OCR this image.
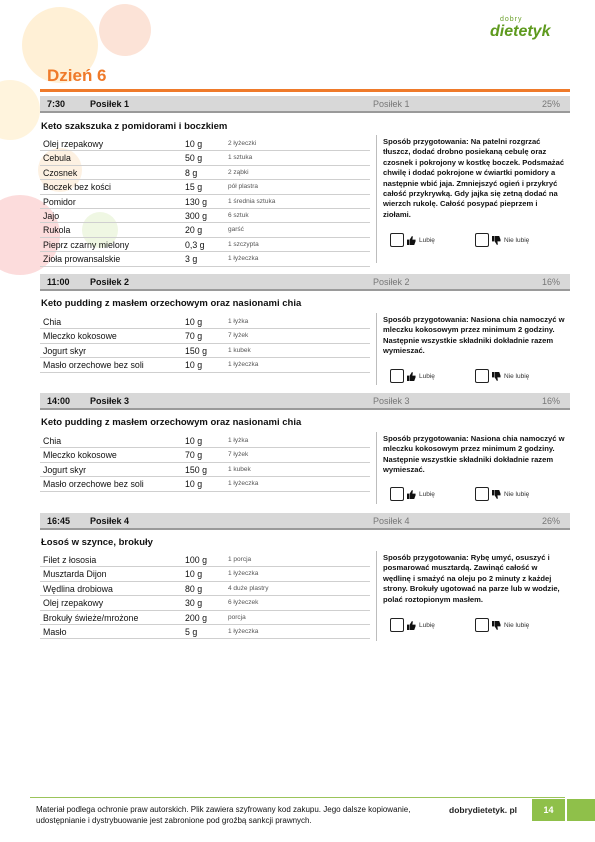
dobry
dietetyk
Dzień 6
7:30	Posiłek 1	Posiłek 1	25%
Keto szakszuka z pomidorami i boczkiem
Olej rzepakowy	10 g	2 łyżeczki
Cebula	50 g	1 sztuka
Czosnek	8 g	2 ząbki
Boczek bez kości	15 g	pół plastra
Pomidor	130 g	1 średnia sztuka
Jajo	300 g	6 sztuk
Rukola	20 g	garść
Pieprz czarny mielony	0,3 g	1 szczypta
Zioła prowansalskie	3 g	1 łyżeczka
Sposób przygotowania: Na patelni rozgrzać tłuszcz, dodać drobno posiekaną cebulę oraz czosnek i pokrojony w kostkę boczek. Podsmażać chwilę i dodać pokrojone w ćwiartki pomidory a następnie wbić jaja. Zmniejszyć ogień i przykryć całość przykrywką. Gdy jajka się zetną dodać na wierzch rukolę. Całość posypać pieprzem i ziołami.
Lubię	Nie lubię
11:00 Posiłek 2	Posiłek 2	16%
Keto pudding z masłem orzechowym oraz nasionami chia
Chia	10 g	1 łyżka
Mleczko kokosowe	70 g	7 łyżek
Jogurt skyr	150 g	1 kubek
Masło orzechowe bez soli	10 g	1 łyżeczka
Sposób przygotowania: Nasiona chia namoczyć w mleczku kokosowym przez minimum 2 godziny. Następnie wszystkie składniki dokładnie razem wymieszać.
Lubię	Nie lubię
14:00 Posiłek 3	Posiłek 3	16%
Keto pudding z masłem orzechowym oraz nasionami chia
Chia	10 g	1 łyżka
Mleczko kokosowe	70 g	7 łyżek
Jogurt skyr	150 g	1 kubek
Masło orzechowe bez soli	10 g	1 łyżeczka
Sposób przygotowania: Nasiona chia namoczyć w mleczku kokosowym przez minimum 2 godziny. Następnie wszystkie składniki dokładnie razem wymieszać.
Lubię	Nie lubię
16:45 Posiłek 4	Posiłek 4	26%
Łosoś w szynce, brokuły
Filet z łososia	100 g	1 porcja
Musztarda Dijon	10 g	1 łyżeczka
Wędlina drobiowa	80 g	4 duże plastry
Olej rzepakowy	30 g	6 łyżeczek
Brokuły świeże/mrożone	200 g	porcja
Masło	5 g	1 łyżeczka
Sposób przygotowania: Rybę umyć, osuszyć i posmarować musztardą. Zawinąć całość w wędlinę i smażyć na oleju po 2 minuty z każdej strony. Brokuły ugotować na parze lub w wodzie, polać roztopionym masłem.
Lubię	Nie lubię
Materiał podlega ochronie praw autorskich. Plik zawiera szyfrowany kod zakupu. Jego dalsze kopiowanie, udostępnianie i dystrybuowanie jest zabronione pod groźbą sankcji prawnych.
dobrydietetyk. pl	14
